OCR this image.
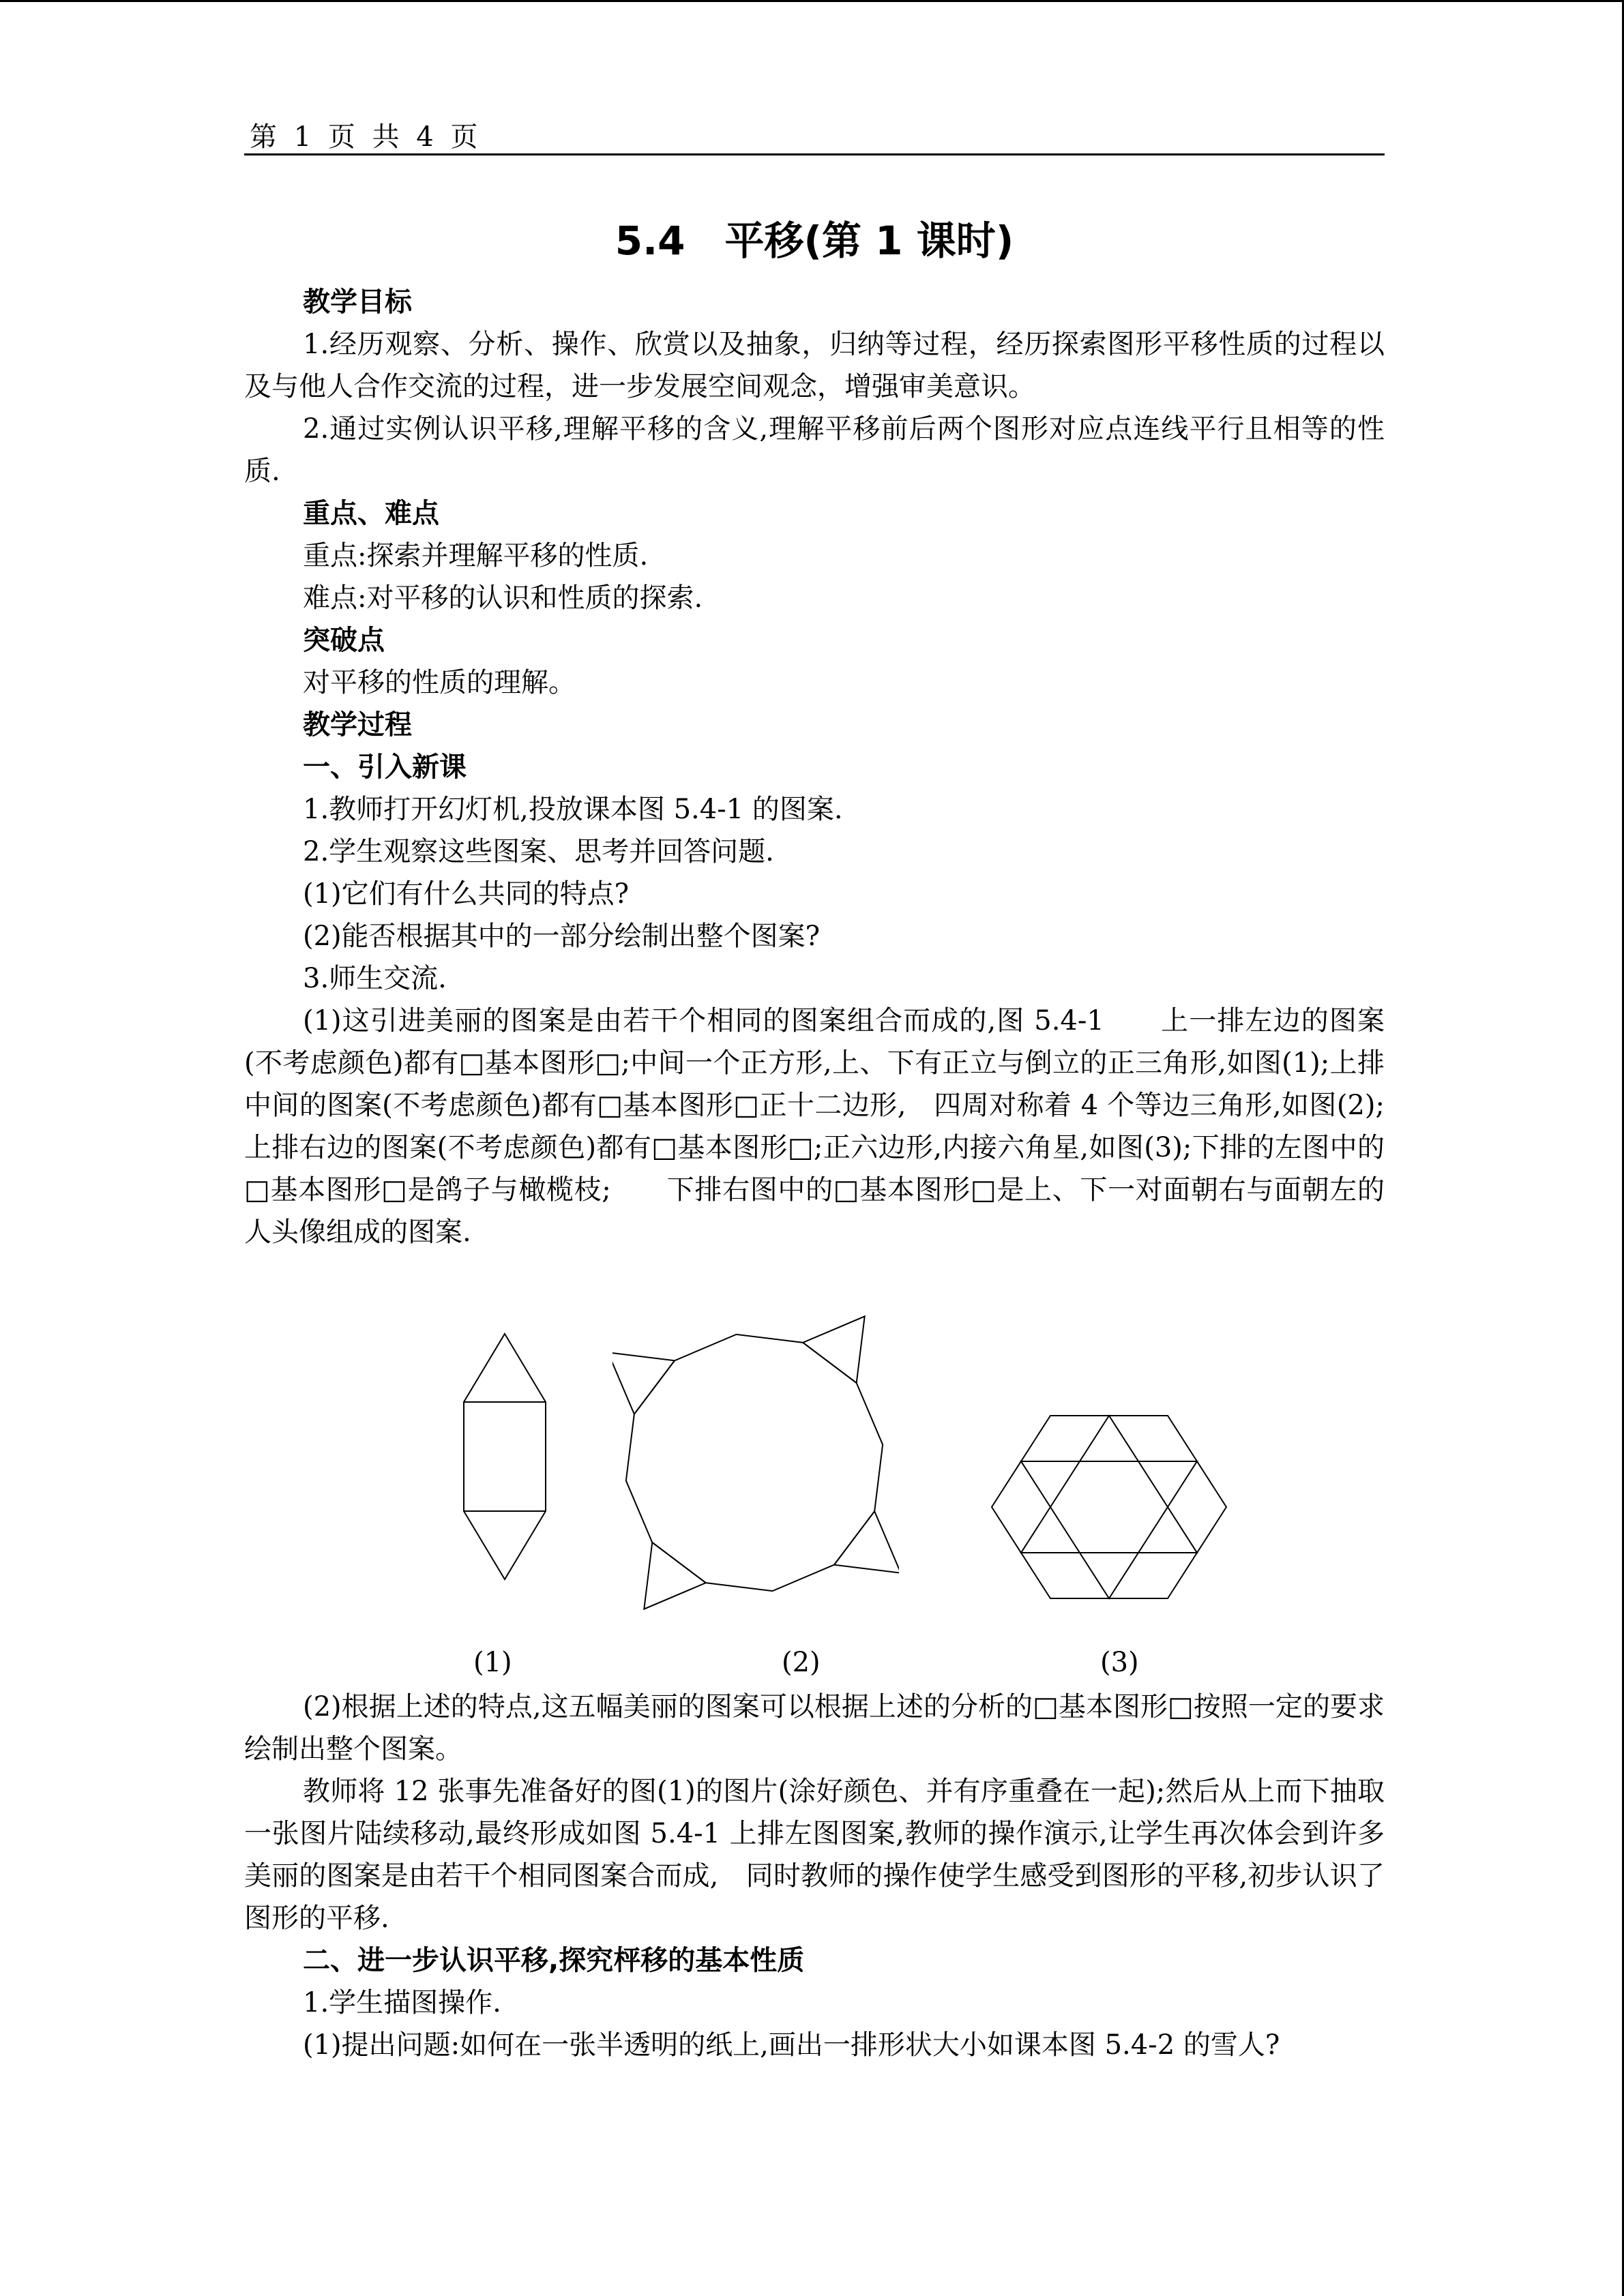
第 1 页 共 4 页
5.4　平移(第 1 课时)

教学目标

1.经历观察、分析、操作、欣赏以及抽象，归纳等过程，经历探索图形平移性质的过程以及与他人合作交流的过程，进一步发展空间观念，增强审美意识。

2.通过实例认识平移,理解平移的含义,理解平移前后两个图形对应点连线平行且相等的性质.

重点、难点

重点:探索并理解平移的性质.

难点:对平移的认识和性质的探索.

突破点

对平移的性质的理解。

教学过程

一、引入新课

1.教师打开幻灯机,投放课本图 5.4-1 的图案.

2.学生观察这些图案、思考并回答问题.

(1)它们有什么共同的特点?

(2)能否根据其中的一部分绘制出整个图案?

3.师生交流.

(1)这引进美丽的图案是由若干个相同的图案组合而成的,图 5.4-1　　上一排左边的图案(不考虑颜色)都有□基本图形□;中间一个正方形,上、下有正立与倒立的正三角形,如图(1);上排中间的图案(不考虑颜色)都有□基本图形□正十二边形,　四周对称着 4 个等边三角形,如图(2);上排右边的图案(不考虑颜色)都有□基本图形□;正六边形,内接六角星,如图(3);下排的左图中的□基本图形□是鸽子与橄榄枝;　　下排右图中的□基本图形□是上、下一对面朝右与面朝左的人头像组成的图案.

(1)	(2)	(3)

(2)根据上述的特点,这五幅美丽的图案可以根据上述的分析的□基本图形□按照一定的要求绘制出整个图案。

教师将 12 张事先准备好的图(1)的图片(涂好颜色、并有序重叠在一起);然后从上而下抽取一张图片陆续移动,最终形成如图 5.4-1 上排左图图案,教师的操作演示,让学生再次体会到许多美丽的图案是由若干个相同图案合而成,　同时教师的操作使学生感受到图形的平移,初步认识了图形的平移.

二、进一步认识平移,探究枰移的基本性质

1.学生描图操作.

(1)提出问题:如何在一张半透明的纸上,画出一排形状大小如课本图 5.4-2 的雪人?
